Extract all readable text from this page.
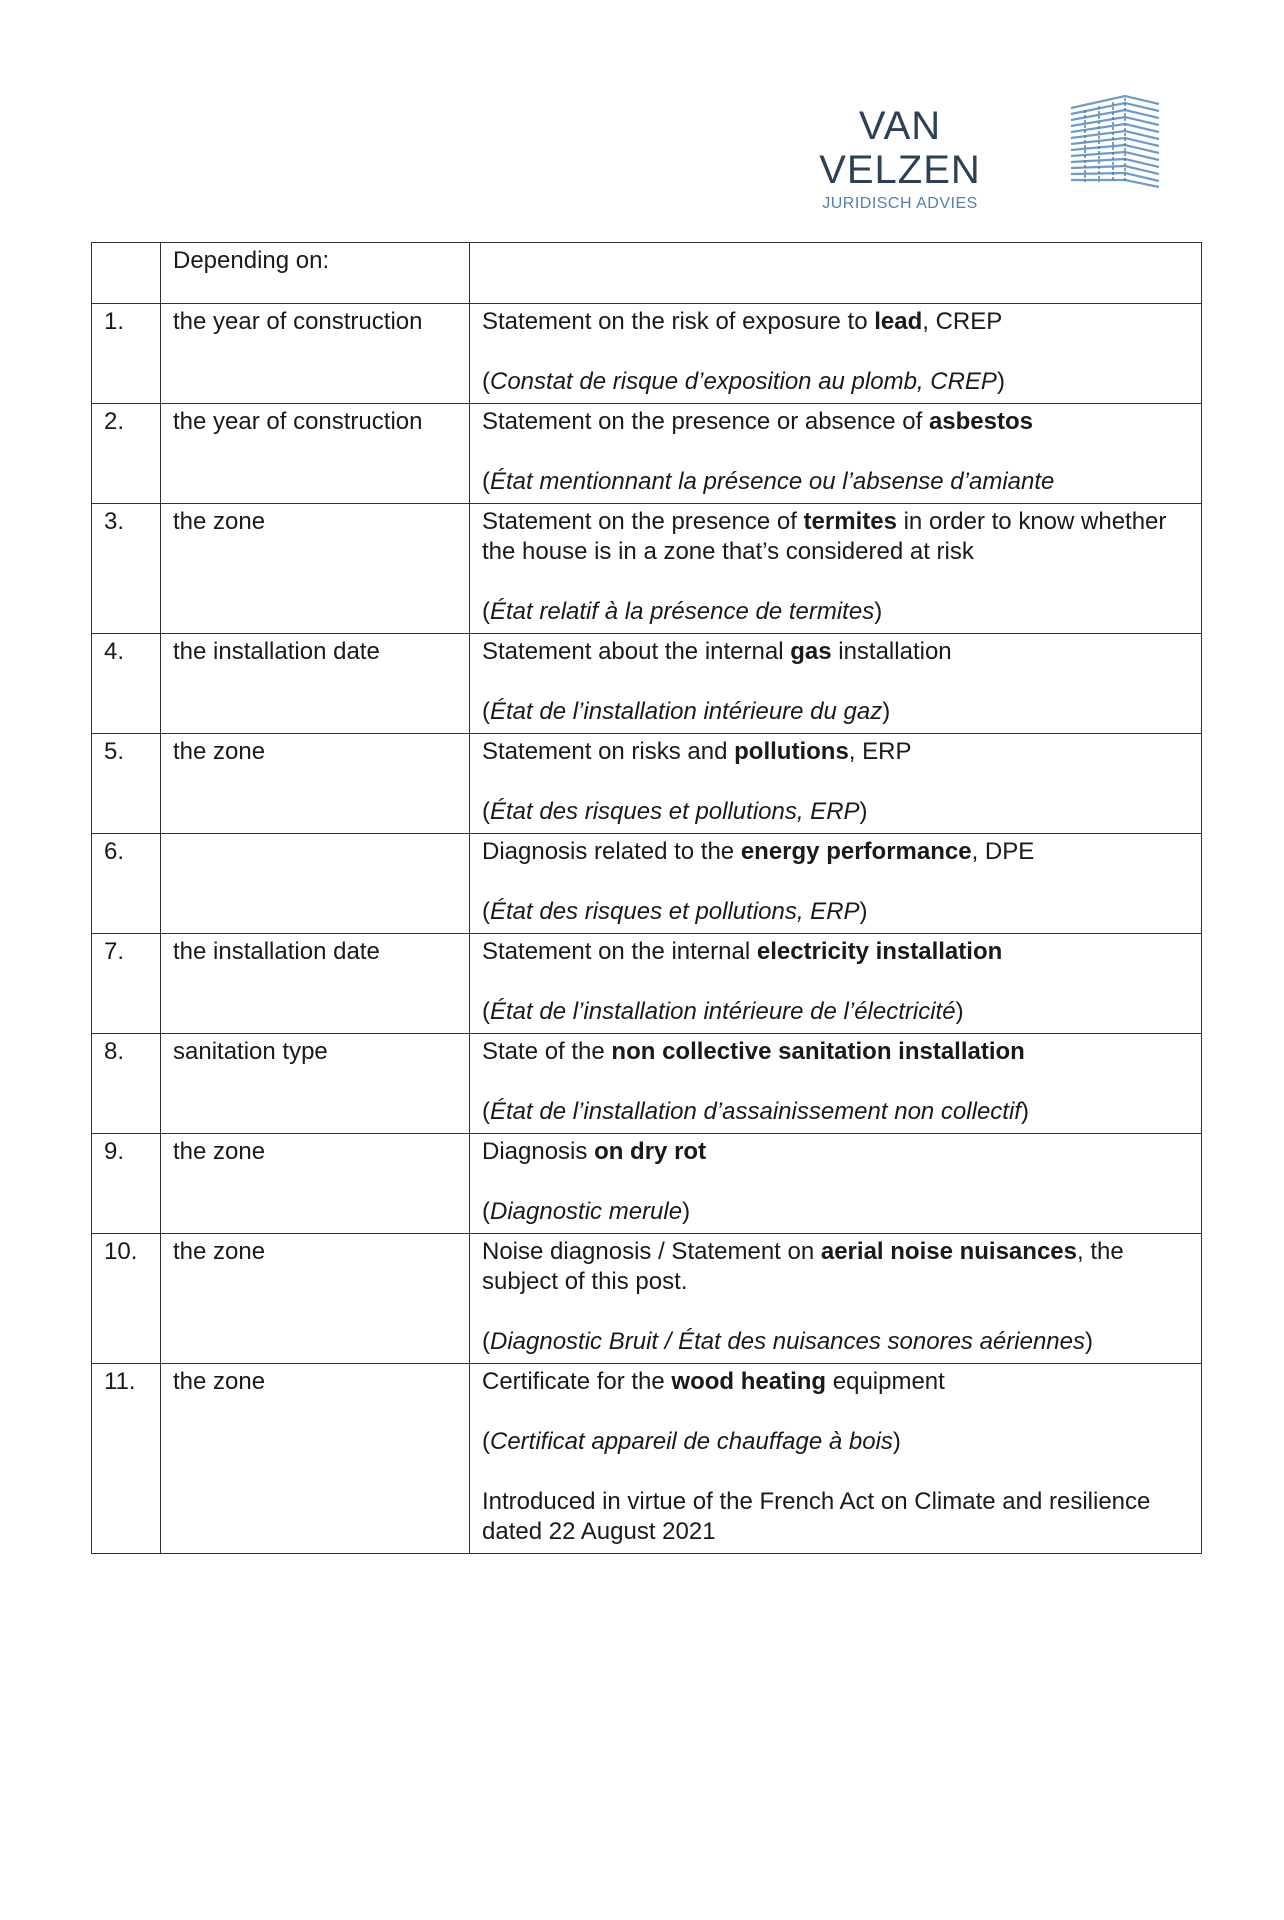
VAN VELZEN
JURIDISCH ADVIES
	Depending on:	
1.	the year of construction	Statement on the risk of exposure to lead, CREP

(Constat de risque d’exposition au plomb, CREP)

2.	the year of construction	Statement on the presence or absence of asbestos

(État mentionnant la présence ou l’absense d’amiante

3.	the zone	Statement on the presence of termites in order to know whether the house is in a zone that’s considered at risk

(État relatif à la présence de termites)

4.	the installation date	Statement about the internal gas installation

(État de l’installation intérieure du gaz)

5.	the zone	Statement on risks and pollutions, ERP

(État des risques et pollutions, ERP)

6.		Diagnosis related to the energy performance, DPE

(État des risques et pollutions, ERP)

7.	the installation date	Statement on the internal electricity installation

(État de l’installation intérieure de l’électricité)

8.	sanitation type	State of the non collective sanitation installation

(État de l’installation d’assainissement non collectif)

9.	the zone	Diagnosis on dry rot

(Diagnostic merule)

10.	the zone	Noise diagnosis / Statement on aerial noise nuisances, the subject of this post.

(Diagnostic Bruit / État des nuisances sonores aériennes)

11.	the zone	Certificate for the wood heating equipment

(Certificat appareil de chauffage à bois)

Introduced in virtue of the French Act on Climate and resilience dated 22 August 2021
